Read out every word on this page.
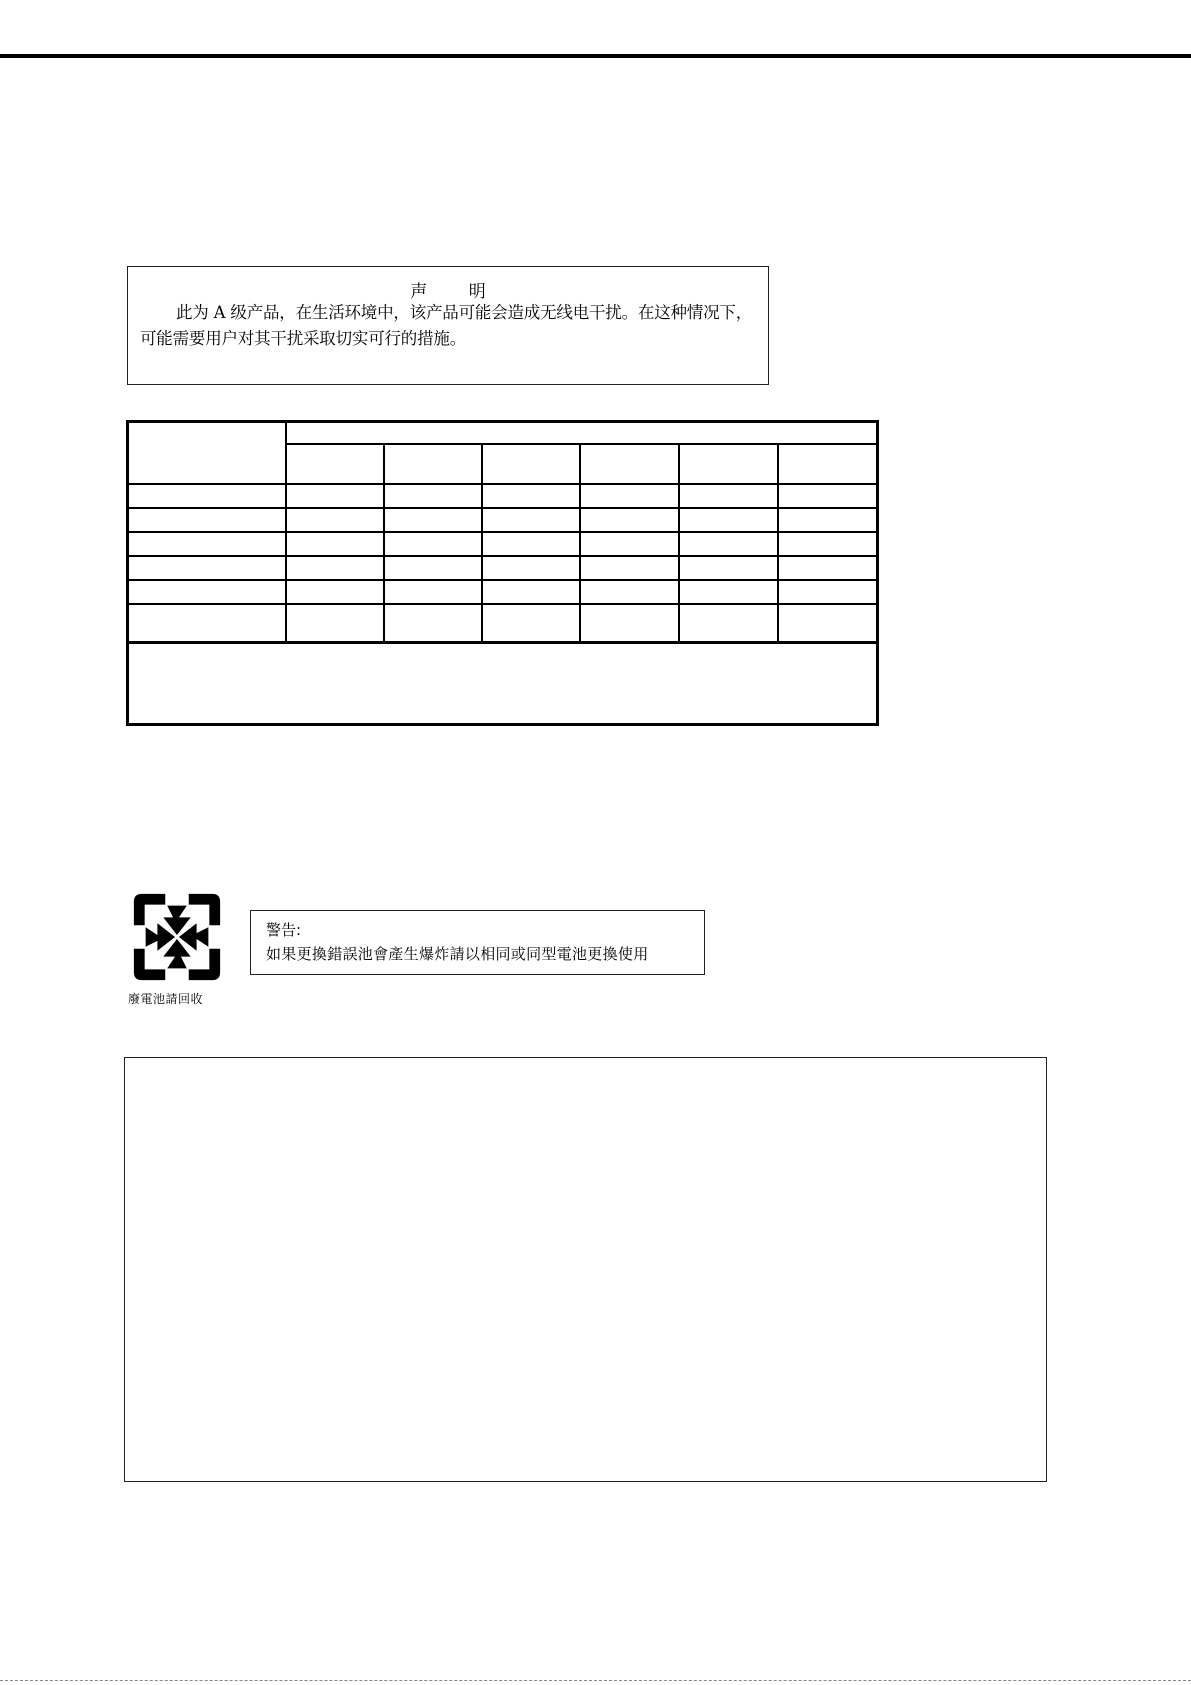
声 明
此为 A 级产品，在生活环境中，该产品可能会造成无线电干扰。在这种情况下，可能需要用户对其干扰采取切实可行的措施。
廢電池請回收
警告:
如果更換錯誤池會產生爆炸請以相同或同型電池更換使用
